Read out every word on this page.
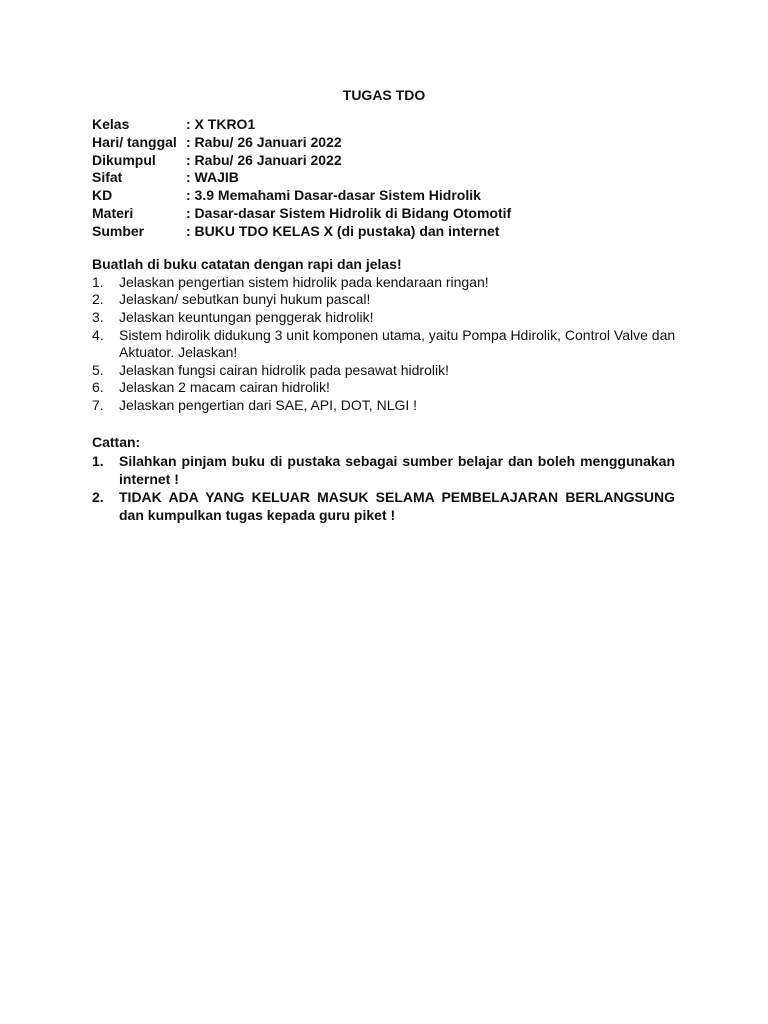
TUGAS TDO
Kelas	: X TKRO1
Hari/ tanggal : Rabu/ 26 Januari 2022
Dikumpul	: Rabu/ 26 Januari 2022
Sifat	: WAJIB
KD	: 3.9 Memahami Dasar-dasar Sistem Hidrolik
Materi	: Dasar-dasar Sistem Hidrolik di Bidang Otomotif
Sumber	: BUKU TDO KELAS X (di pustaka) dan internet
Buatlah di buku catatan dengan rapi dan jelas!
1.	Jelaskan pengertian sistem hidrolik pada kendaraan ringan!
2.	Jelaskan/ sebutkan bunyi hukum pascal!
3.	Jelaskan keuntungan penggerak hidrolik!
4.	Sistem hdirolik didukung 3 unit komponen utama, yaitu Pompa Hdirolik, Control Valve dan Aktuator. Jelaskan!
5.	Jelaskan fungsi cairan hidrolik pada pesawat hidrolik!
6.	Jelaskan 2 macam cairan hidrolik!
7.	Jelaskan pengertian dari SAE, API, DOT, NLGI !
Cattan:
1.	Silahkan pinjam buku di pustaka sebagai sumber belajar dan boleh menggunakan internet !
2.	TIDAK ADA YANG KELUAR MASUK SELAMA PEMBELAJARAN BERLANGSUNG dan kumpulkan tugas kepada guru piket !
